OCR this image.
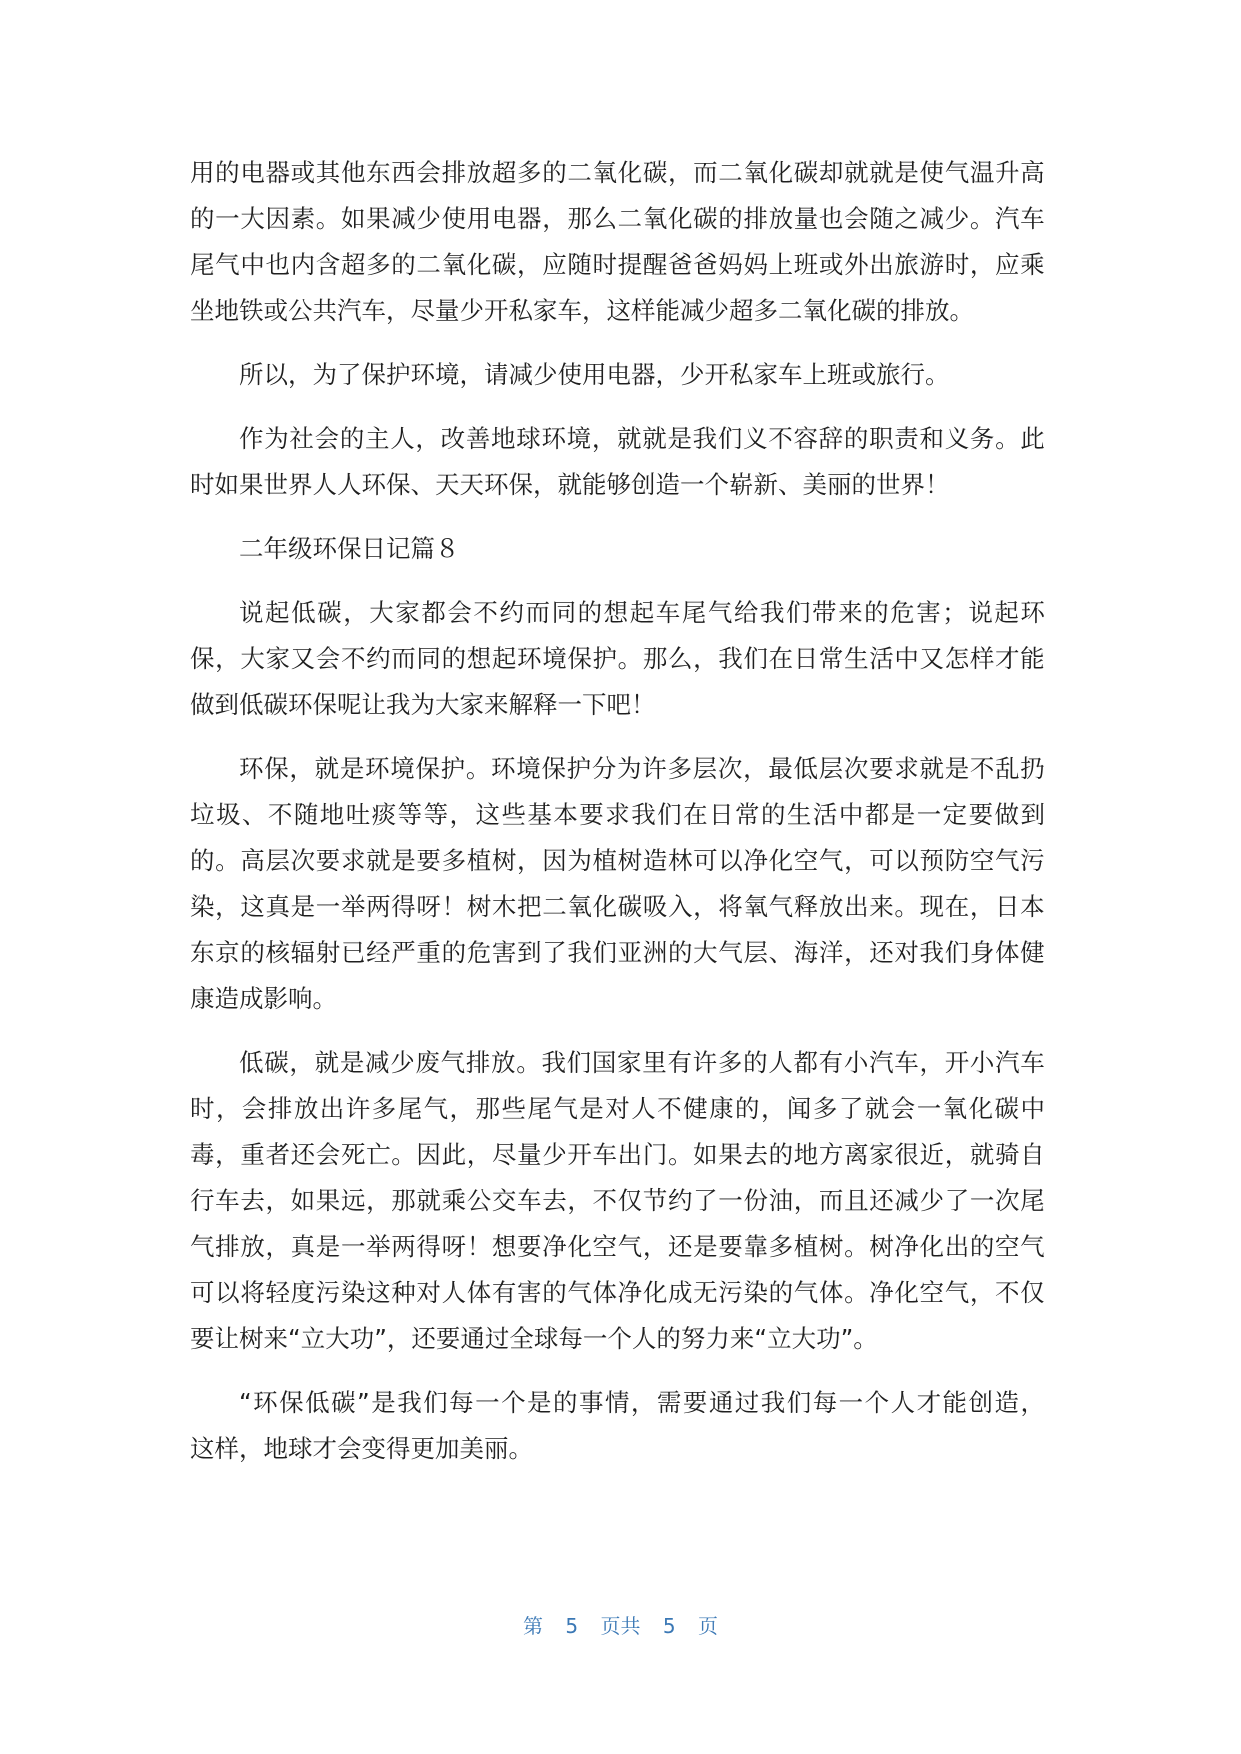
用 的 电 器 或 其 他 东 西 会 排 放 超 多 的 二 氧 化 碳 ， 而 二 氧 化 碳 却 就 就 是 使 气 温 升 高
的 一 大 因 素 。 如 果 减 少 使 用 电 器 ， 那 么 二 氧 化 碳 的 排 放 量 也 会 随 之 减 少 。 汽 车
尾 气 中 也 内 含 超 多 的 二 氧 化 碳 ， 应 随 时 提 醒 爸 爸 妈 妈 上 班 或 外 出 旅 游 时 ， 应 乘
坐地铁或公共汽车，尽量少开私家车，这样能减少超多二氧化碳的排放。
所以，为了保护环境，请减少使用电器，少开私家车上班或旅行。
作 为 社 会 的 主 人 ， 改 善 地 球 环 境 ， 就 就 是 我 们 义 不 容 辞 的 职 责 和 义 务 。 此
时如果世界人人环保、天天环保，就能够创造一个崭新、美丽的世界！
二年级环保日记篇８
说 起 低 碳 ， 大 家 都 会 不 约 而 同 的 想 起 车 尾 气 给 我 们 带 来 的 危 害 ； 说 起 环
保 ， 大 家 又 会 不 约 而 同 的 想 起 环 境 保 护 。 那 么 ， 我 们 在 日 常 生 活 中 又 怎 样 才 能
做到低碳环保呢让我为大家来解释一下吧！
环 保 ， 就 是 环 境 保 护 。 环 境 保 护 分 为 许 多 层 次 ， 最 低 层 次 要 求 就 是 不 乱 扔
垃 圾 、 不 随 地 吐 痰 等 等 ， 这 些 基 本 要 求 我 们 在 日 常 的 生 活 中 都 是 一 定 要 做 到
的 。 高 层 次 要 求 就 是 要 多 植 树 ， 因 为 植 树 造 林 可 以 净 化 空 气 ， 可 以 预 防 空 气 污
染 ， 这 真 是 一 举 两 得 呀 ！ 树 木 把 二 氧 化 碳 吸 入 ， 将 氧 气 释 放 出 来 。 现 在 ， 日 本
东 京 的 核 辐 射 已 经 严 重 的 危 害 到 了 我 们 亚 洲 的 大 气 层 、 海 洋 ， 还 对 我 们 身 体 健
康造成影响。
低 碳 ， 就 是 减 少 废 气 排 放 。 我 们 国 家 里 有 许 多 的 人 都 有 小 汽 车 ， 开 小 汽 车
时 ， 会 排 放 出 许 多 尾 气 ， 那 些 尾 气 是 对 人 不 健 康 的 ， 闻 多 了 就 会 一 氧 化 碳 中
毒 ， 重 者 还 会 死 亡 。 因 此 ， 尽 量 少 开 车 出 门 。 如 果 去 的 地 方 离 家 很 近 ， 就 骑 自
行 车 去 ， 如 果 远 ， 那 就 乘 公 交 车 去 ， 不 仅 节 约 了 一 份 油 ， 而 且 还 减 少 了 一 次 尾
气 排 放 ， 真 是 一 举 两 得 呀 ！ 想 要 净 化 空 气 ， 还 是 要 靠 多 植 树 。 树 净 化 出 的 空 气
可 以 将 轻 度 污 染 这 种 对 人 体 有 害 的 气 体 净 化 成 无 污 染 的 气 体 。 净 化 空 气 ， 不 仅
要让树来“立大功”，还要通过全球每一个人的努力来“立大功”。
“ 环 保 低 碳 ” 是 我 们 每 一 个 是 的 事 情 ， 需 要 通 过 我 们 每 一 个 人 才 能 创 造 ，
这样，地球才会变得更加美丽。
第 5 页共 5 页
